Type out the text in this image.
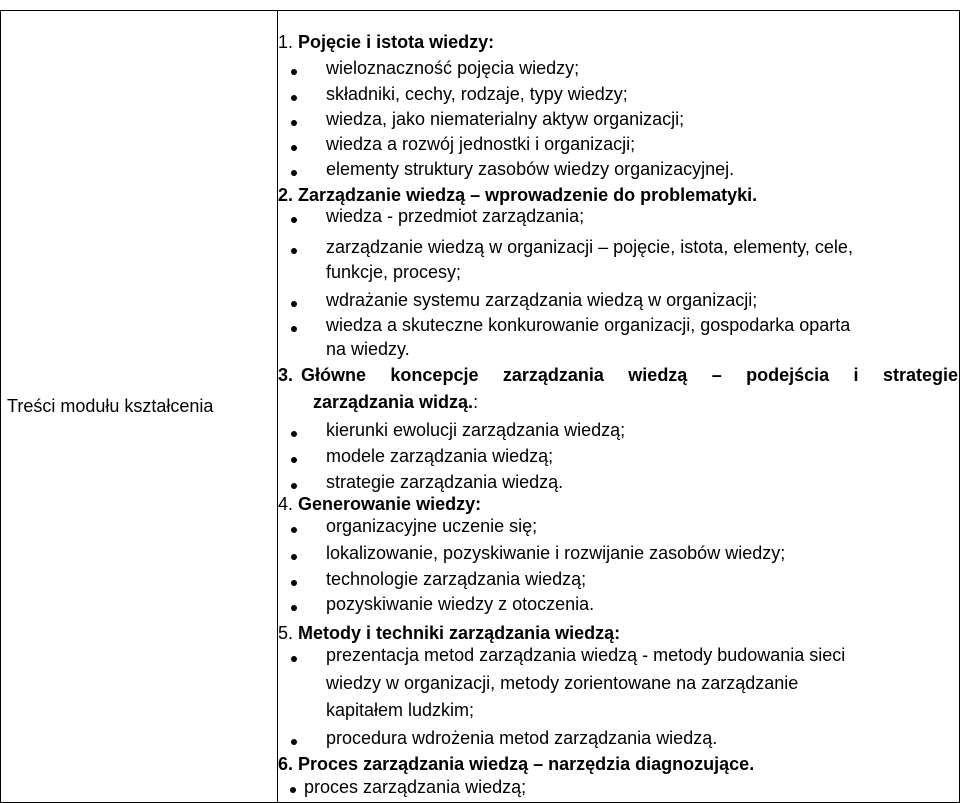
Treści modułu kształcenia	
1. Pojęcie i istota wiedzy:
wieloznaczność pojęcia wiedzy;
składniki, cechy, rodzaje, typy wiedzy;
wiedza, jako niematerialny aktyw organizacji;
wiedza a rozwój jednostki i organizacji;
elementy struktury zasobów wiedzy organizacyjnej.
2. Zarządzanie wiedzą – wprowadzenie do problematyki.
wiedza - przedmiot zarządzania;
zarządzanie wiedzą w organizacji – pojęcie, istota, elementy, cele,
funkcje, procesy;
wdrażanie systemu zarządzania wiedzą w organizacji;
wiedza a skuteczne konkurowanie organizacji, gospodarka oparta
na wiedzy.
3. Główne koncepcje zarządzania wiedzą – podejścia i strategie
zarządzania widzą.:
kierunki ewolucji zarządzania wiedzą;
modele zarządzania wiedzą;
strategie zarządzania wiedzą.
4. Generowanie wiedzy:
organizacyjne uczenie się;
lokalizowanie, pozyskiwanie i rozwijanie zasobów wiedzy;
technologie zarządzania wiedzą;
pozyskiwanie wiedzy z otoczenia.
5. Metody i techniki zarządzania wiedzą:
prezentacja metod zarządzania wiedzą - metody budowania sieci
wiedzy w organizacji, metody zorientowane na zarządzanie
kapitałem ludzkim;
procedura wdrożenia metod zarządzania wiedzą.
6. Proces zarządzania wiedzą – narzędzia diagnozujące.
proces zarządzania wiedzą;
